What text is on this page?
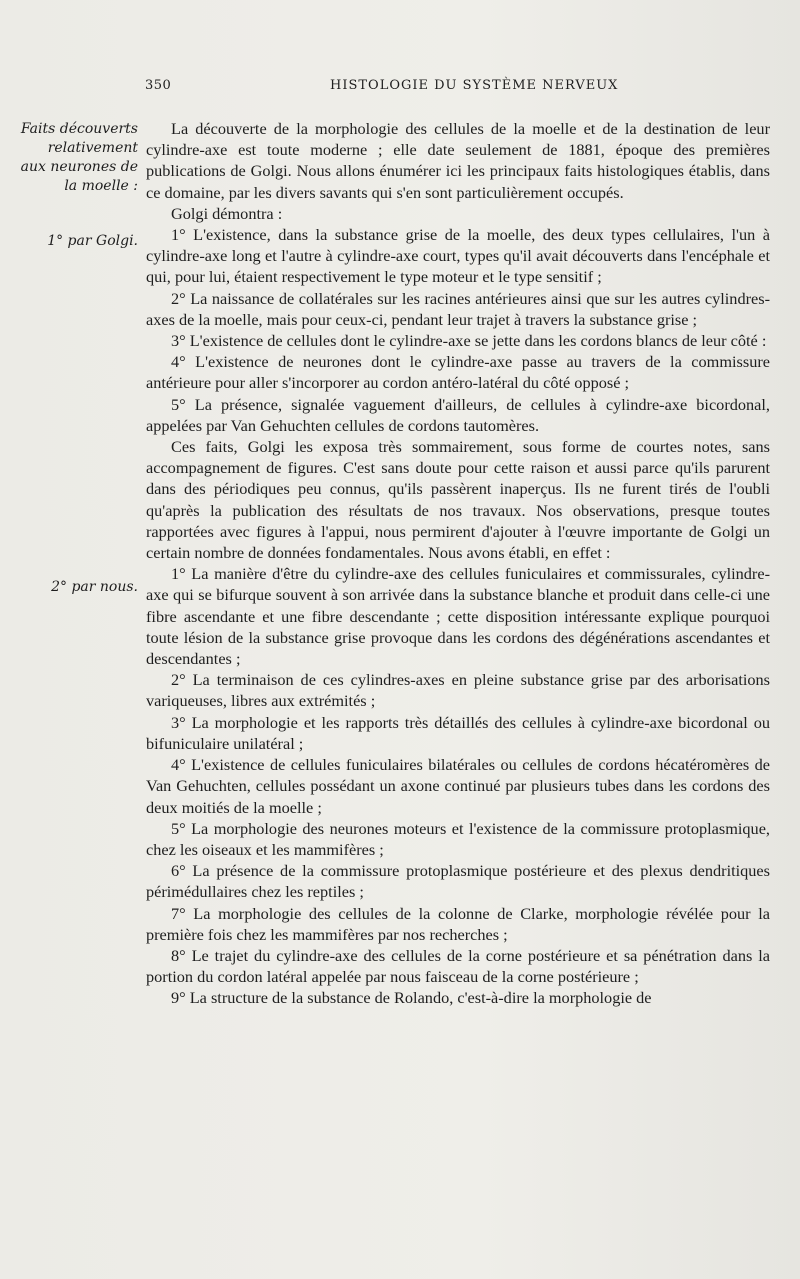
350	HISTOLOGIE DU SYSTÈME NERVEUX
Faits découverts relativement aux neurones de la moelle :
1° par Golgi.
2° par nous.

La découverte de la morphologie des cellules de la moelle et de la destination de leur cylindre-axe est toute moderne ; elle date seulement de 1881, époque des premières publications de Golgi. Nous allons énumérer ici les principaux faits histologiques établis, dans ce domaine, par les divers savants qui s'en sont particulièrement occupés.

Golgi démontra :

1° L'existence, dans la substance grise de la moelle, des deux types cellulaires, l'un à cylindre-axe long et l'autre à cylindre-axe court, types qu'il avait découverts dans l'encéphale et qui, pour lui, étaient respectivement le type moteur et le type sensitif ;

2° La naissance de collatérales sur les racines antérieures ainsi que sur les autres cylindres-axes de la moelle, mais pour ceux-ci, pendant leur trajet à travers la substance grise ;

3° L'existence de cellules dont le cylindre-axe se jette dans les cordons blancs de leur côté :

4° L'existence de neurones dont le cylindre-axe passe au travers de la commissure antérieure pour aller s'incorporer au cordon antéro-latéral du côté opposé ;

5° La présence, signalée vaguement d'ailleurs, de cellules à cylindre-axe bicordonal, appelées par Van Gehuchten cellules de cordons tautomères.

Ces faits, Golgi les exposa très sommairement, sous forme de courtes notes, sans accompagnement de figures. C'est sans doute pour cette raison et aussi parce qu'ils parurent dans des périodiques peu connus, qu'ils passèrent inaperçus. Ils ne furent tirés de l'oubli qu'après la publication des résultats de nos travaux. Nos observations, presque toutes rapportées avec figures à l'appui, nous permirent d'ajouter à l'œuvre importante de Golgi un certain nombre de données fondamentales. Nous avons établi, en effet :

1° La manière d'être du cylindre-axe des cellules funiculaires et commissurales, cylindre-axe qui se bifurque souvent à son arrivée dans la substance blanche et produit dans celle-ci une fibre ascendante et une fibre descendante ; cette disposition intéressante explique pourquoi toute lésion de la substance grise provoque dans les cordons des dégénérations ascendantes et descendantes ;

2° La terminaison de ces cylindres-axes en pleine substance grise par des arborisations variqueuses, libres aux extrémités ;

3° La morphologie et les rapports très détaillés des cellules à cylindre-axe bicordonal ou bifuniculaire unilatéral ;

4° L'existence de cellules funiculaires bilatérales ou cellules de cordons hécatéromères de Van Gehuchten, cellules possédant un axone continué par plusieurs tubes dans les cordons des deux moitiés de la moelle ;

5° La morphologie des neurones moteurs et l'existence de la commissure protoplasmique, chez les oiseaux et les mammifères ;

6° La présence de la commissure protoplasmique postérieure et des plexus dendritiques périmédullaires chez les reptiles ;

7° La morphologie des cellules de la colonne de Clarke, morphologie révélée pour la première fois chez les mammifères par nos recherches ;

8° Le trajet du cylindre-axe des cellules de la corne postérieure et sa pénétration dans la portion du cordon latéral appelée par nous faisceau de la corne postérieure ;

9° La structure de la substance de Rolando, c'est-à-dire la morphologie de
